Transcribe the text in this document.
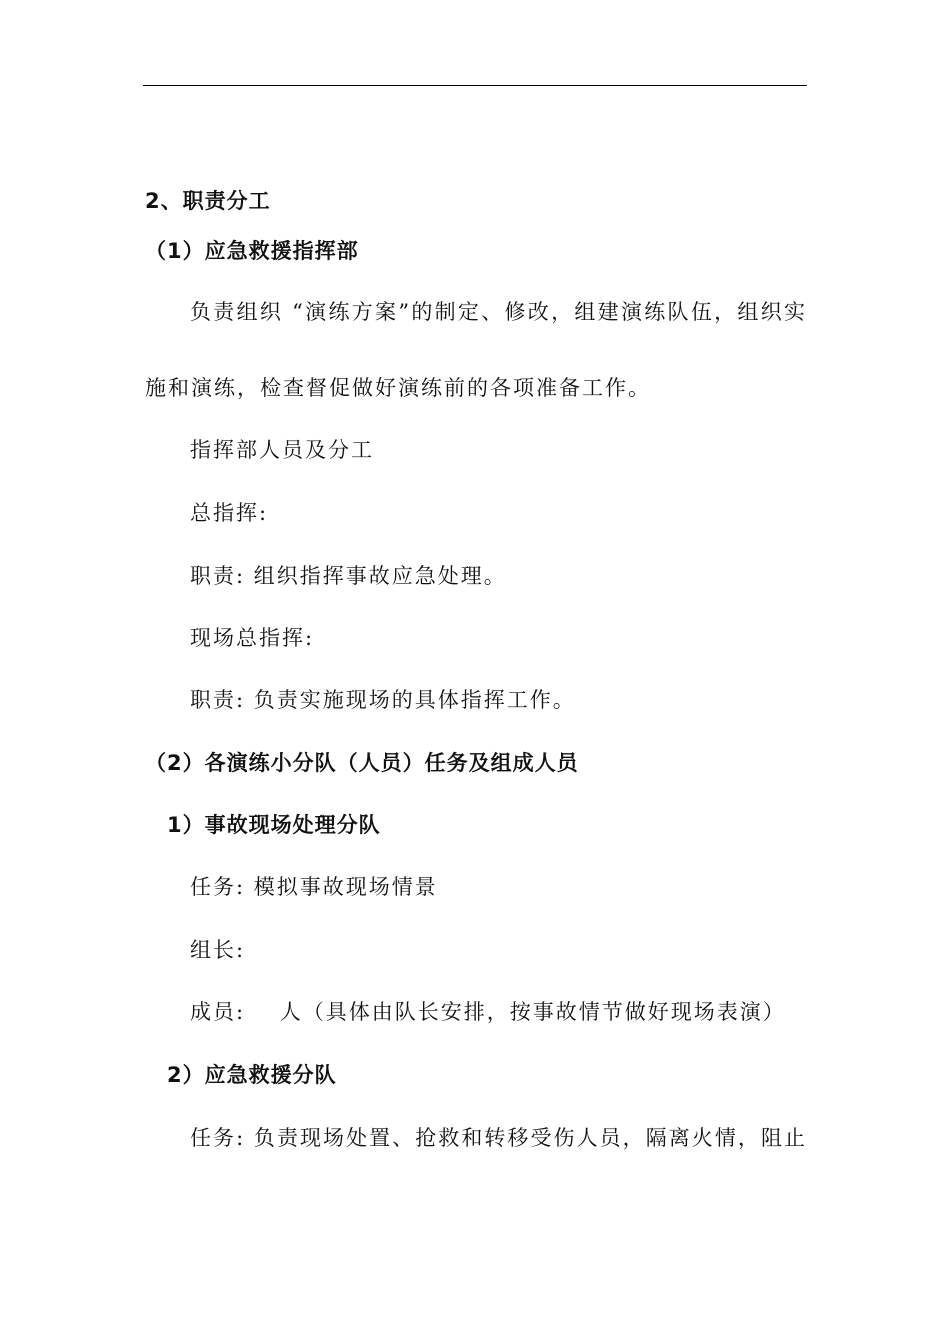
2、职责分工
（1）应急救援指挥部
负责组织 “演练方案”的制定、修改，组建演练队伍，组织实
施和演练，检查督促做好演练前的各项准备工作。
指挥部人员及分工
总指挥:
职责: 组织指挥事故应急处理。
现场总指挥:
职责: 负责实施现场的具体指挥工作。
（2）各演练小分队（人员）任务及组成人员
1）事故现场处理分队
任务: 模拟事故现场情景
组长:
成员:    人（具体由队长安排，按事故情节做好现场表演）
2）应急救援分队
任务: 负责现场处置、抢救和转移受伤人员，隔离火情，阻止
